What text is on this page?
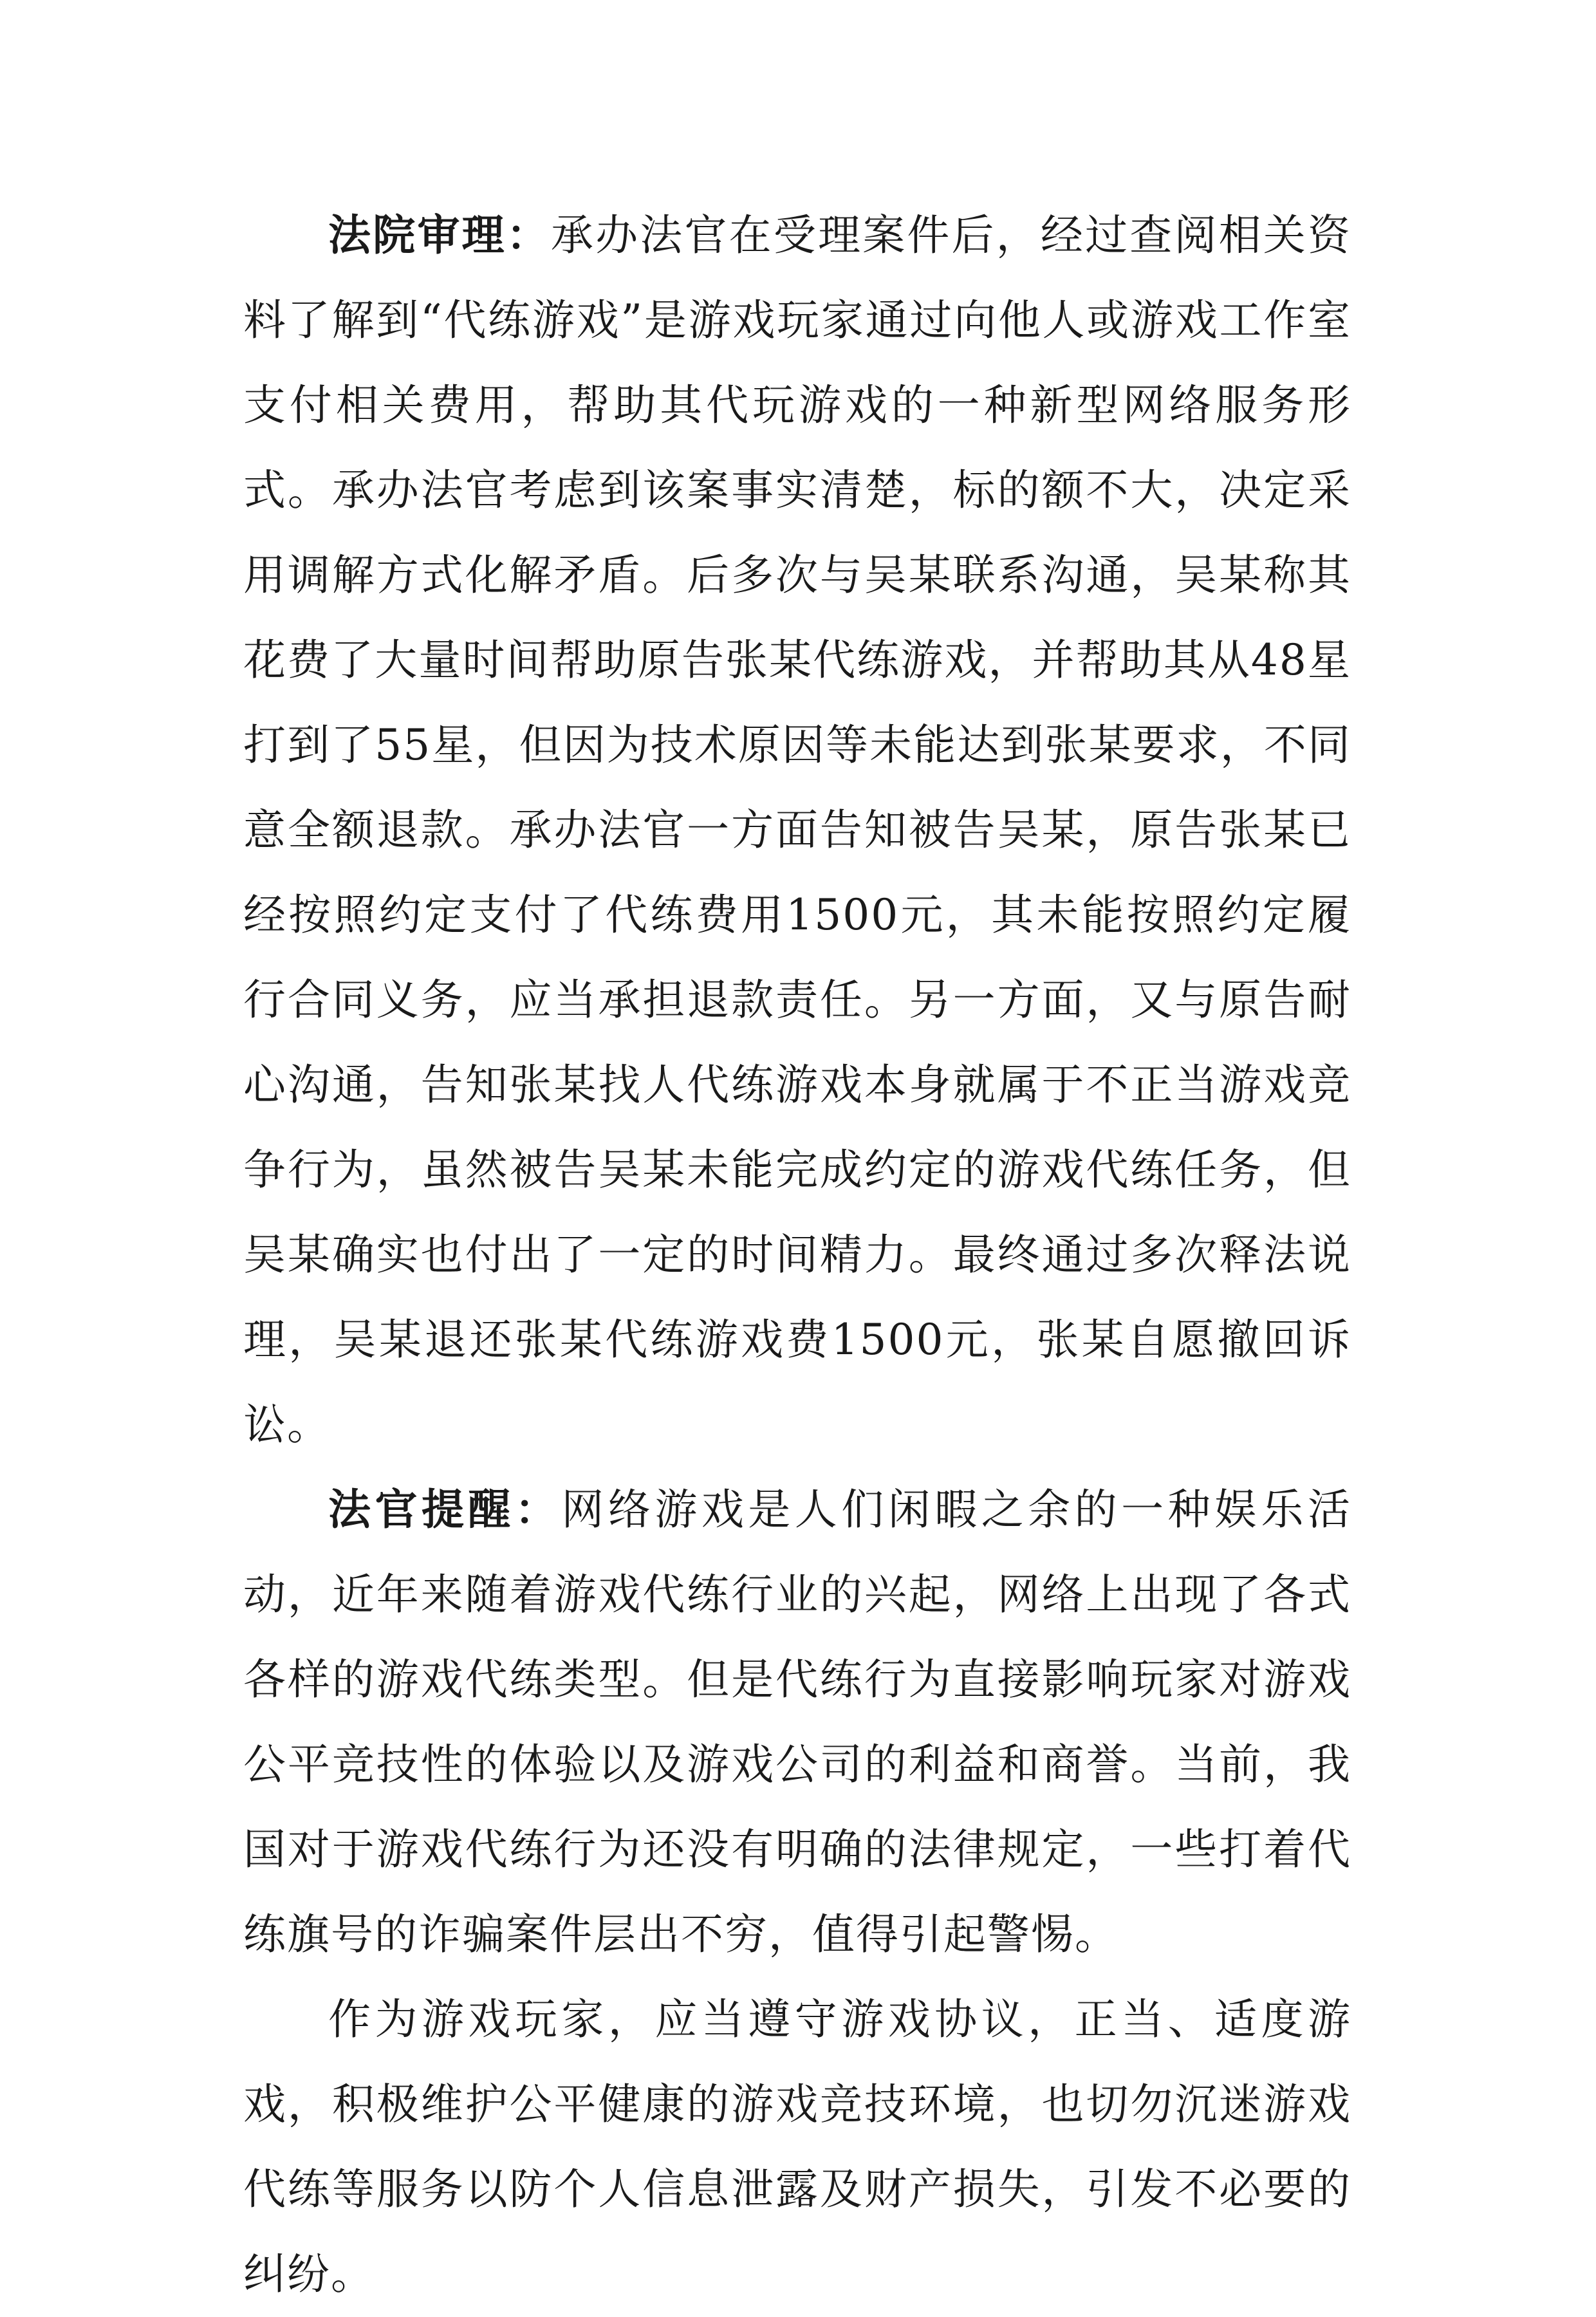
法院审理：承办法官在受理案件后，经过查阅相关资料了解到“代练游戏”是游戏玩家通过向他人或游戏工作室支付相关费用，帮助其代玩游戏的一种新型网络服务形式。承办法官考虑到该案事实清楚，标的额不大，决定采用调解方式化解矛盾。后多次与吴某联系沟通，吴某称其花费了大量时间帮助原告张某代练游戏，并帮助其从48星打到了55星，但因为技术原因等未能达到张某要求，不同意全额退款。承办法官一方面告知被告吴某，原告张某已经按照约定支付了代练费用1500元，其未能按照约定履行合同义务，应当承担退款责任。另一方面，又与原告耐心沟通，告知张某找人代练游戏本身就属于不正当游戏竞争行为，虽然被告吴某未能完成约定的游戏代练任务，但吴某确实也付出了一定的时间精力。最终通过多次释法说理，吴某退还张某代练游戏费1500元，张某自愿撤回诉讼。

法官提醒：网络游戏是人们闲暇之余的一种娱乐活动，近年来随着游戏代练行业的兴起，网络上出现了各式各样的游戏代练类型。但是代练行为直接影响玩家对游戏公平竞技性的体验以及游戏公司的利益和商誉。当前，我国对于游戏代练行为还没有明确的法律规定，一些打着代练旗号的诈骗案件层出不穷，值得引起警惕。

作为游戏玩家，应当遵守游戏协议，正当、适度游戏，积极维护公平健康的游戏竞技环境，也切勿沉迷游戏代练等服务以防个人信息泄露及财产损失，引发不必要的纠纷。
